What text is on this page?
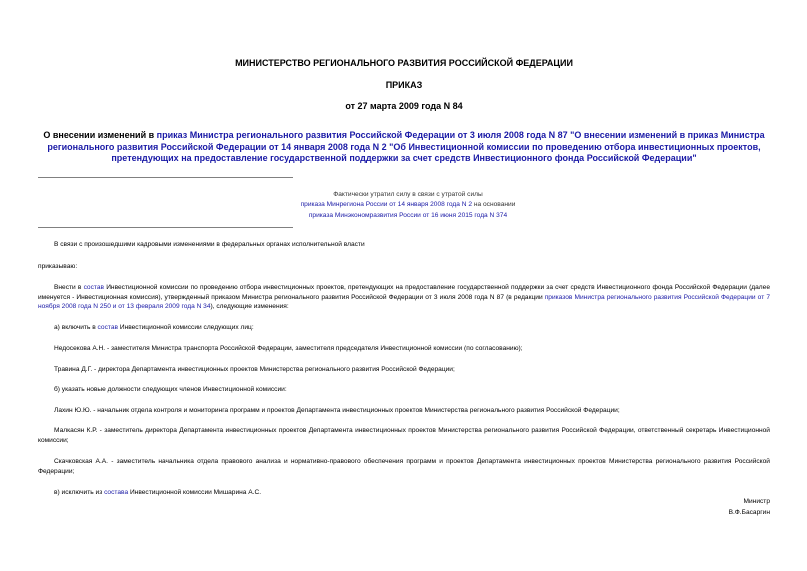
МИНИСТЕРСТВО РЕГИОНАЛЬНОГО РАЗВИТИЯ РОССИЙСКОЙ ФЕДЕРАЦИИ
ПРИКАЗ
от 27 марта 2009 года N 84
О внесении изменений в приказ Министра регионального развития Российской Федерации от 3 июля 2008 года N 87 "О внесении изменений в приказ Министра регионального развития Российской Федерации от 14 января 2008 года N 2 "Об Инвестиционной комиссии по проведению отбора инвестиционных проектов, претендующих на предоставление государственной поддержки за счет средств Инвестиционного фонда Российской Федерации"
Фактически утратил силу в связи с утратой силы
приказа Минрегиона России от 14 января 2008 года N 2 на основании
приказа Минэкономразвития России от 16 июня 2015 года N 374
В связи с произошедшими кадровыми изменениями в федеральных органах исполнительной власти
приказываю:
Внести в состав Инвестиционной комиссии по проведению отбора инвестиционных проектов, претендующих на предоставление государственной поддержки за счет средств Инвестиционного фонда Российской Федерации (далее именуется - Инвестиционная комиссия), утвержденный приказом Министра регионального развития Российской Федерации от 3 июля 2008 года N 87 (в редакции приказов Министра регионального развития Российской Федерации от 7 ноября 2008 года N 250 и от 13 февраля 2009 года N 34), следующие изменения:
а) включить в состав Инвестиционной комиссии следующих лиц:
Недосекова А.Н. - заместителя Министра транспорта Российской Федерации, заместителя председателя Инвестиционной комиссии (по согласованию);
Травина Д.Г. - директора Департамента инвестиционных проектов Министерства регионального развития Российской Федерации;
б) указать новые должности следующих членов Инвестиционной комиссии:
Лахин Ю.Ю. - начальник отдела контроля и мониторинга программ и проектов Департамента инвестиционных проектов Министерства регионального развития Российской Федерации;
Малкасян К.Р. - заместитель директора Департамента инвестиционных проектов Департамента инвестиционных проектов Министерства регионального развития Российской Федерации, ответственный секретарь Инвестиционной комиссии;
Скачковская А.А. - заместитель начальника отдела правового анализа и нормативно-правового обеспечения программ и проектов Департамента инвестиционных проектов Министерства регионального развития Российской Федерации;
в) исключить из состава Инвестиционной комиссии Мишарина А.С.
Министр
В.Ф.Басаргин
